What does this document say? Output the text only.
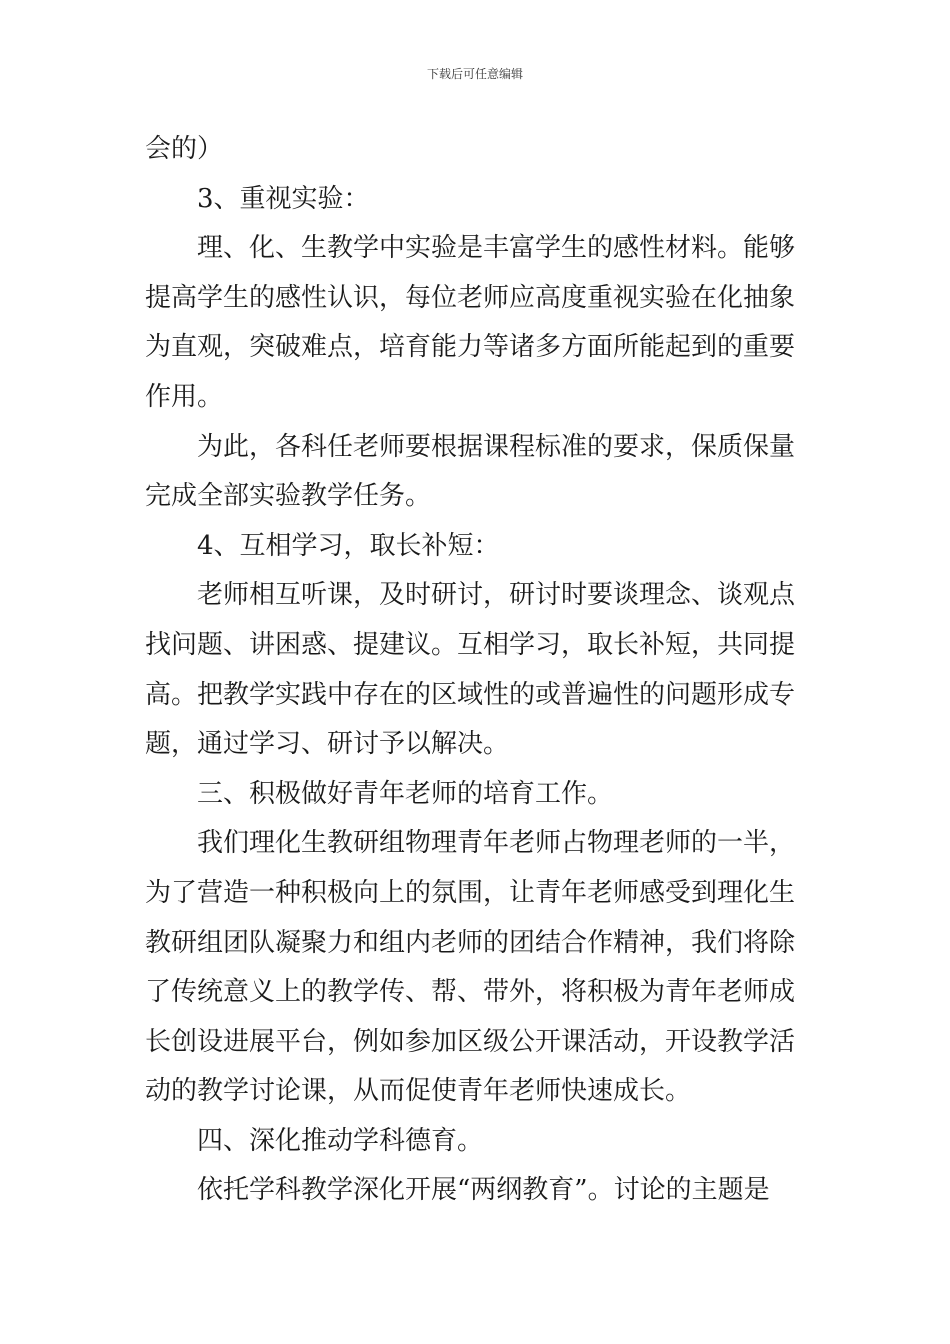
下载后可任意编辑
会的）
3、重视实验：
理、化、生教学中实验是丰富学生的感性材料。能够
提高学生的感性认识，每位老师应高度重视实验在化抽象
为直观，突破难点，培育能力等诸多方面所能起到的重要
作用。
为此，各科任老师要根据课程标准的要求，保质保量
完成全部实验教学任务。
4、互相学习，取长补短：
老师相互听课，及时研讨，研讨时要谈理念、谈观点
找问题、讲困惑、提建议。互相学习，取长补短，共同提
高。把教学实践中存在的区域性的或普遍性的问题形成专
题，通过学习、研讨予以解决。
三、积极做好青年老师的培育工作。
我们理化生教研组物理青年老师占物理老师的一半，
为了营造一种积极向上的氛围，让青年老师感受到理化生
教研组团队凝聚力和组内老师的团结合作精神，我们将除
了传统意义上的教学传、帮、带外，将积极为青年老师成
长创设进展平台，例如参加区级公开课活动，开设教学活
动的教学讨论课，从而促使青年老师快速成长。
四、深化推动学科德育。
依托学科教学深化开展“两纲教育”。讨论的主题是
